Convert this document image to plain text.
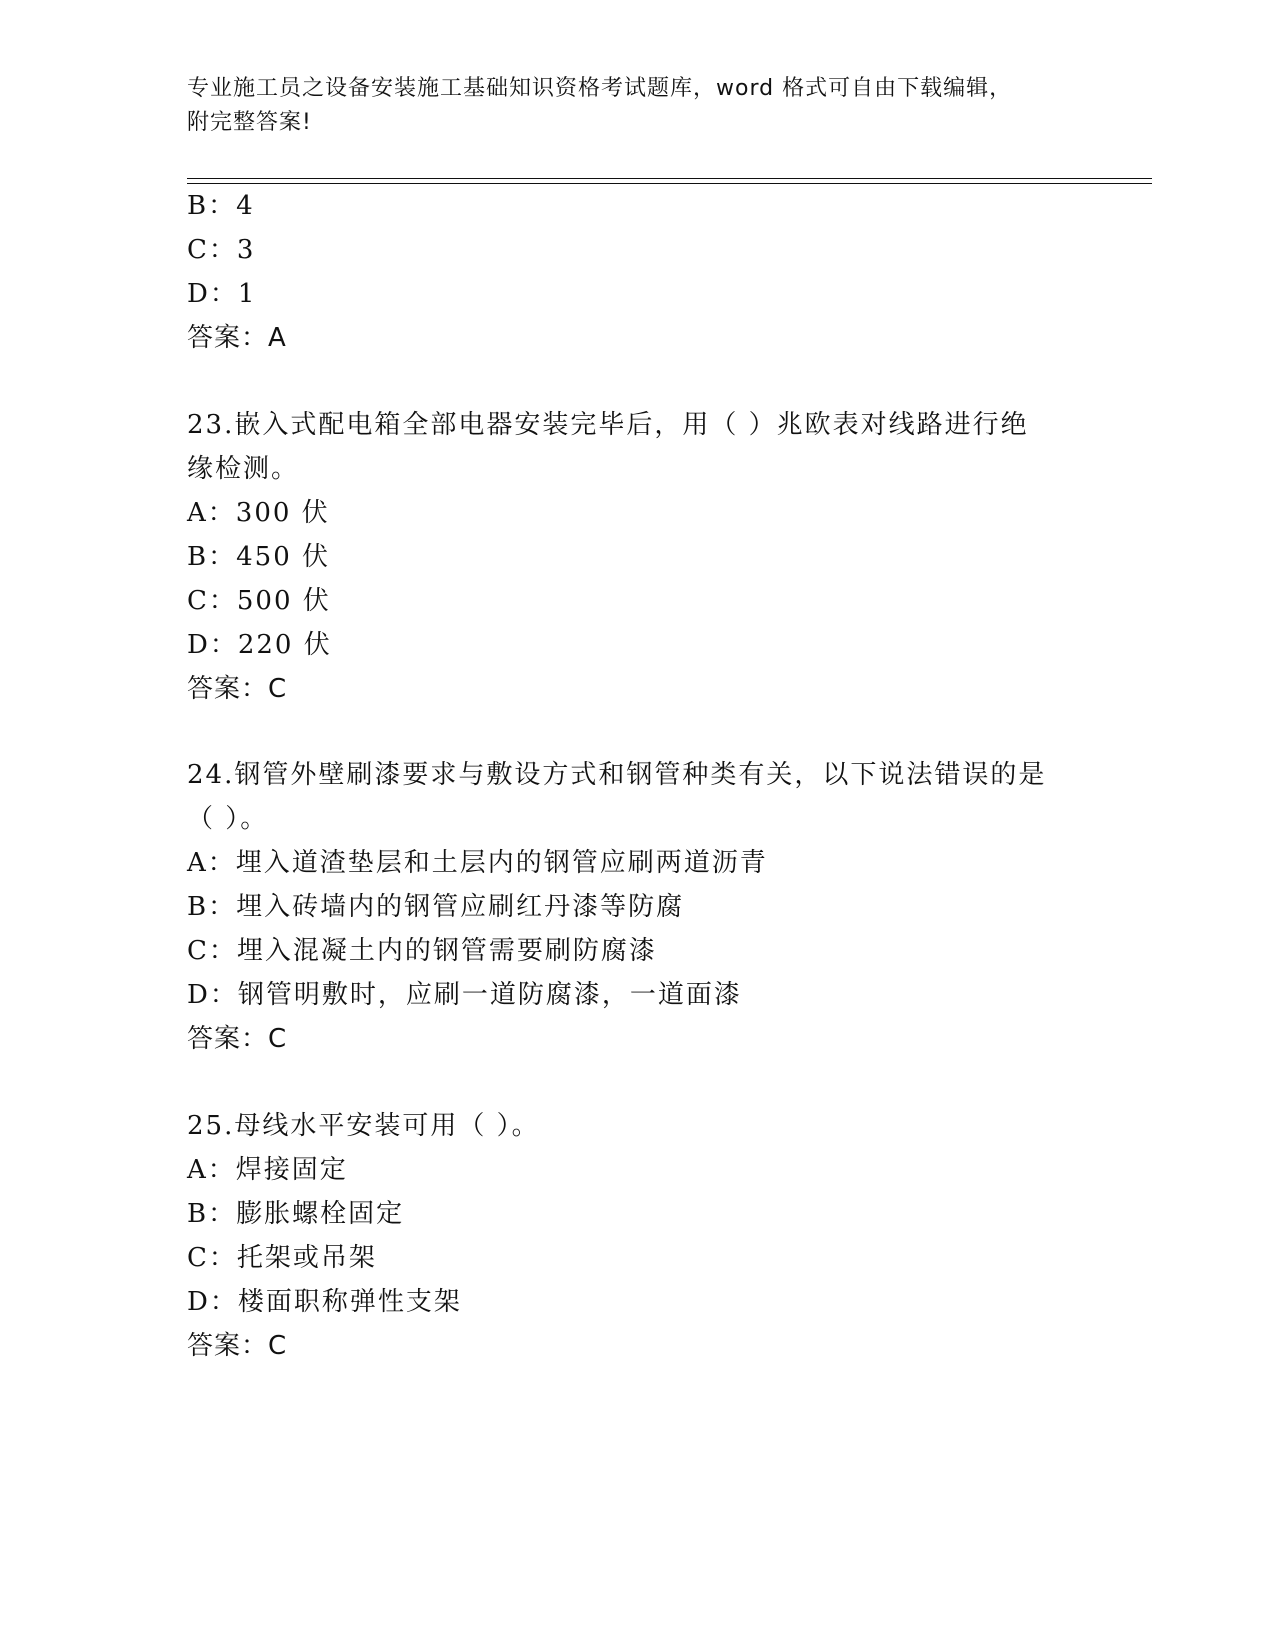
专业施工员之设备安装施工基础知识资格考试题库，word 格式可自由下载编辑，
附完整答案!
B：4
C：3
D：1
答案：A
23.嵌入式配电箱全部电器安装完毕后，用（ ）兆欧表对线路进行绝
缘检测。
A：300 伏
B：450 伏
C：500 伏
D：220 伏
答案：C
24.钢管外壁刷漆要求与敷设方式和钢管种类有关，以下说法错误的是
（ ）。
A：埋入道渣垫层和土层内的钢管应刷两道沥青
B：埋入砖墙内的钢管应刷红丹漆等防腐
C：埋入混凝土内的钢管需要刷防腐漆
D：钢管明敷时，应刷一道防腐漆，一道面漆
答案：C
25.母线水平安装可用（ ）。
A：焊接固定
B：膨胀螺栓固定
C：托架或吊架
D：楼面职称弹性支架
答案：C
